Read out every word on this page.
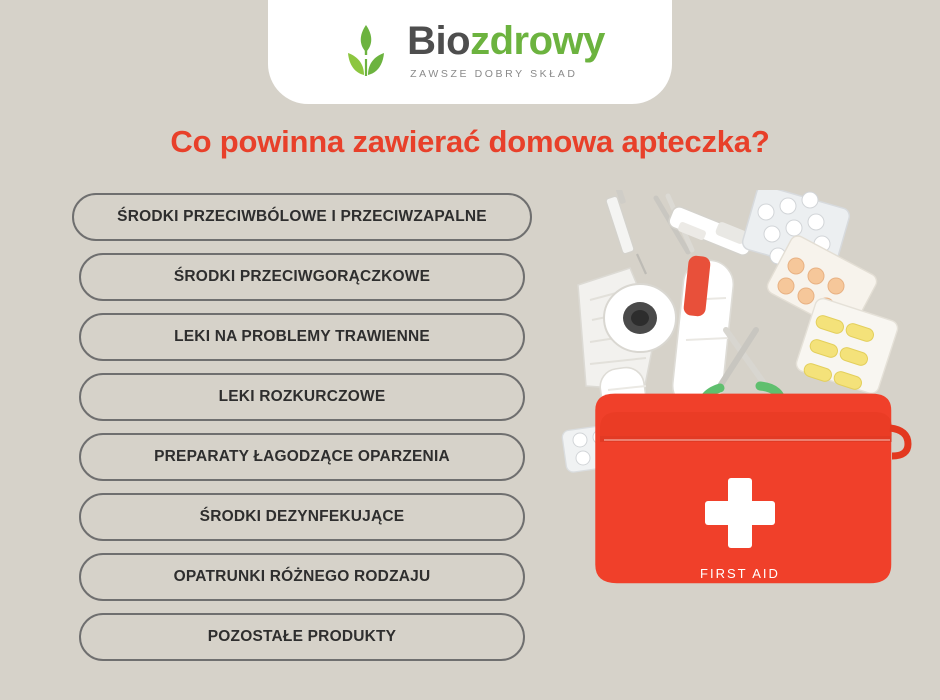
Biozdrowy
ZAWSZE DOBRY SKŁAD
Co powinna zawierać domowa apteczka?
ŚRODKI PRZECIWBÓLOWE I PRZECIWZAPALNE
ŚRODKI PRZECIWGORĄCZKOWE
LEKI NA PROBLEMY TRAWIENNE
LEKI ROZKURCZOWE
PREPARATY ŁAGODZĄCE OPARZENIA
ŚRODKI DEZYNFEKUJĄCE
OPATRUNKI RÓŻNEGO RODZAJU
POZOSTAŁE PRODUKTY
FIRST AID
